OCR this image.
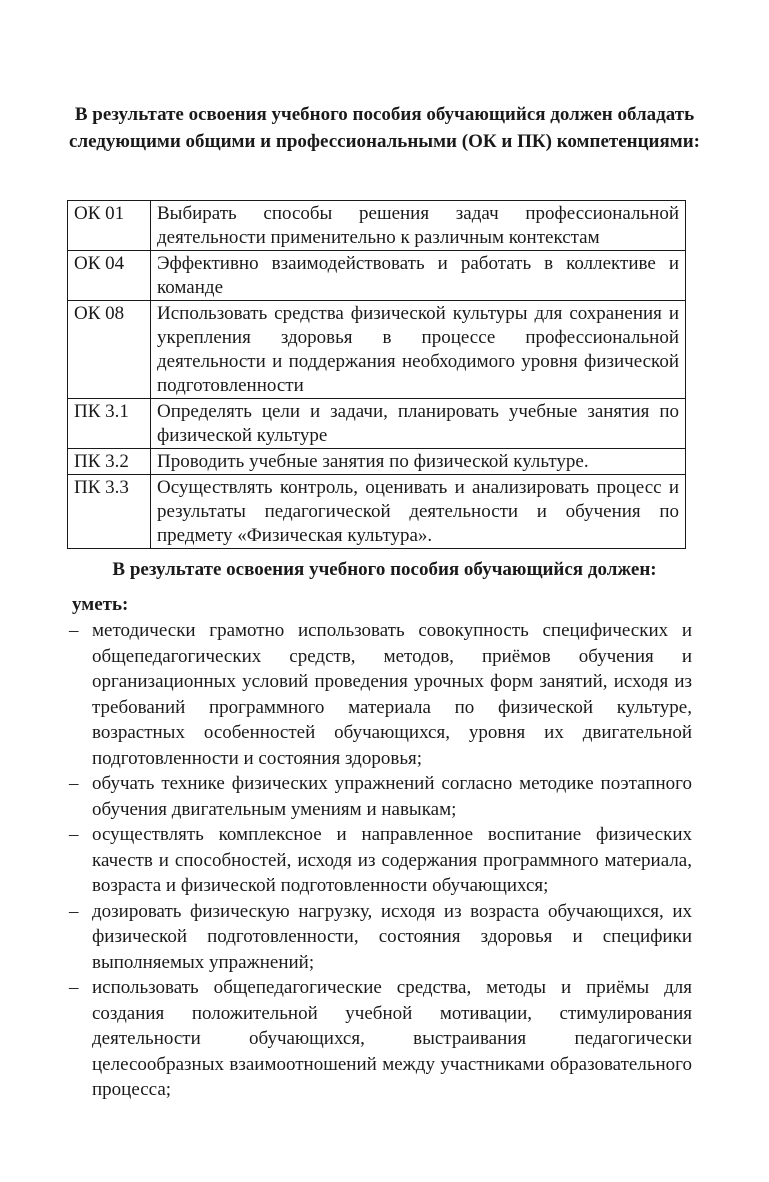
В результате освоения учебного пособия обучающийся должен обладать следующими общими и профессиональными (ОК и ПК) компетенциями:

ОК 01	Выбирать способы решения задач профессиональной деятельности применительно к различным контекстам
ОК 04	Эффективно взаимодействовать и работать в коллективе и команде
ОК 08	Использовать средства физической культуры для сохранения и укрепления здоровья в процессе профессиональной деятельности и поддержания необходимого уровня физической подготовленности
ПК 3.1	Определять цели и задачи, планировать учебные занятия по физической культуре
ПК 3.2	Проводить учебные занятия по физической культуре.
ПК 3.3	Осуществлять контроль, оценивать и анализировать процесс и результаты педагогической деятельности и обучения по предмету «Физическая культура».

В результате освоения учебного пособия обучающийся должен:

уметь:

– методически грамотно использовать совокупность специфических и общепедагогических средств, методов, приёмов обучения и организационных условий проведения урочных форм занятий, исходя из требований программного материала по физической культуре, возрастных особенностей обучающихся, уровня их двигательной подготовленности и состояния здоровья;
– обучать технике физических упражнений согласно методике поэтапного обучения двигательным умениям и навыкам;
– осуществлять комплексное и направленное воспитание физических качеств и способностей, исходя из содержания программного материала, возраста и физической подготовленности обучающихся;
– дозировать физическую нагрузку, исходя из возраста обучающихся, их физической подготовленности, состояния здоровья и специфики выполняемых упражнений;
– использовать общепедагогические средства, методы и приёмы для создания положительной учебной мотивации, стимулирования деятельности обучающихся, выстраивания педагогически целесообразных взаимоотношений между участниками образовательного процесса;
